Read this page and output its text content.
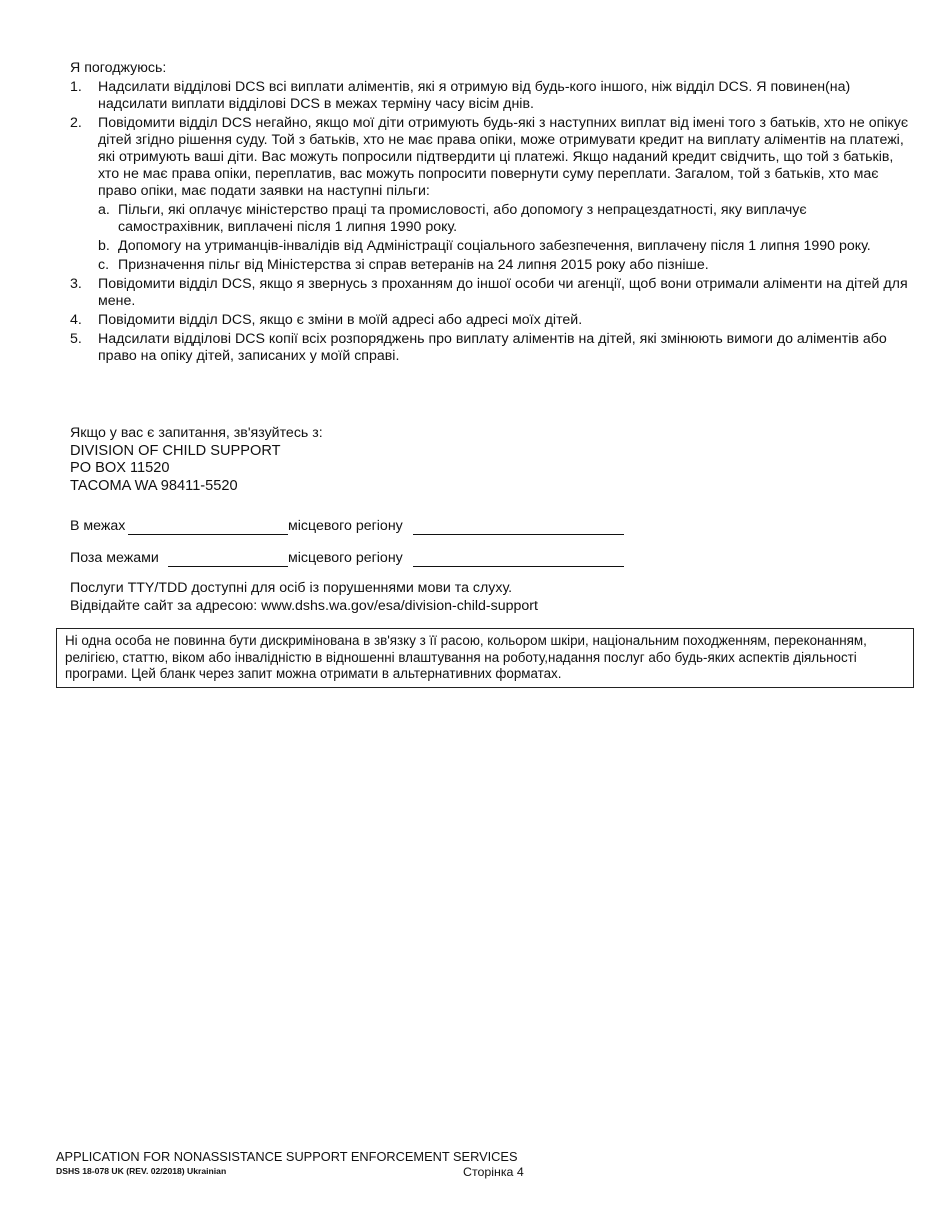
Я погоджуюсь:
1. Надсилати відділові DCS всі виплати аліментів, які я отримую від будь-кого іншого, ніж відділ DCS. Я повинен(на) надсилати виплати відділові DCS в межах терміну часу вісім днів.
2. Повідомити відділ DCS негайно, якщо мої діти отримують будь-які з наступних виплат від імені того з батьків, хто не опікує дітей згідно рішення суду. Той з батьків, хто не має права опіки, може отримувати кредит на виплату аліментів на платежі, які отримують ваші діти. Вас можуть попросили підтвердити ці платежі. Якщо наданий кредит свідчить, що той з батьків, хто не має права опіки, переплатив, вас можуть попросити повернути суму переплати. Загалом, той з батьків, хто має право опіки, має подати заявки на наступні пільги:
a. Пільги, які оплачує міністерство праці та промисловості, або допомогу з непрацездатності, яку виплачує самострахівник, виплачені після 1 липня 1990 року.
b. Допомогу на утриманців-інвалідів від Адміністрації соціального забезпечення, виплачену після 1 липня 1990 року.
c. Призначення пільг від Міністерства зі справ ветеранів на 24 липня 2015 року або пізніше.
3. Повідомити відділ DCS, якщо я звернусь з проханням до іншої особи чи агенції, щоб вони отримали аліменти на дітей для мене.
4. Повідомити відділ DCS, якщо є зміни в моїй адресі або адресі моїх дітей.
5. Надсилати відділові DCS копії всіх розпоряджень про виплату аліментів на дітей, які змінюють вимоги до аліментів або право на опіку дітей, записаних у моїй справі.
Якщо у вас є запитання, зв'язуйтесь з:
DIVISION OF CHILD SUPPORT
PO BOX 11520
TACOMA WA 98411-5520
В межах	місцевого регіону
Поза межами	місцевого регіону
Послуги TTY/TDD доступні для осіб із порушеннями мови та слуху.
Відвідайте сайт за адресою: www.dshs.wa.gov/esa/division-child-support
Ні одна особа не повинна бути дискримінована в зв'язку з її расою, кольором шкіри, національним походженням, переконанням, релігією, статтю, віком або інвалідністю в відношенні влаштування на роботу,надання послуг або будь-яких аспектів діяльності програми. Цей бланк через запит можна отримати в альтернативних форматах.
APPLICATION FOR NONASSISTANCE SUPPORT ENFORCEMENT SERVICES
DSHS 18-078 UK (REV. 02/2018) Ukrainian	Сторінка 4
